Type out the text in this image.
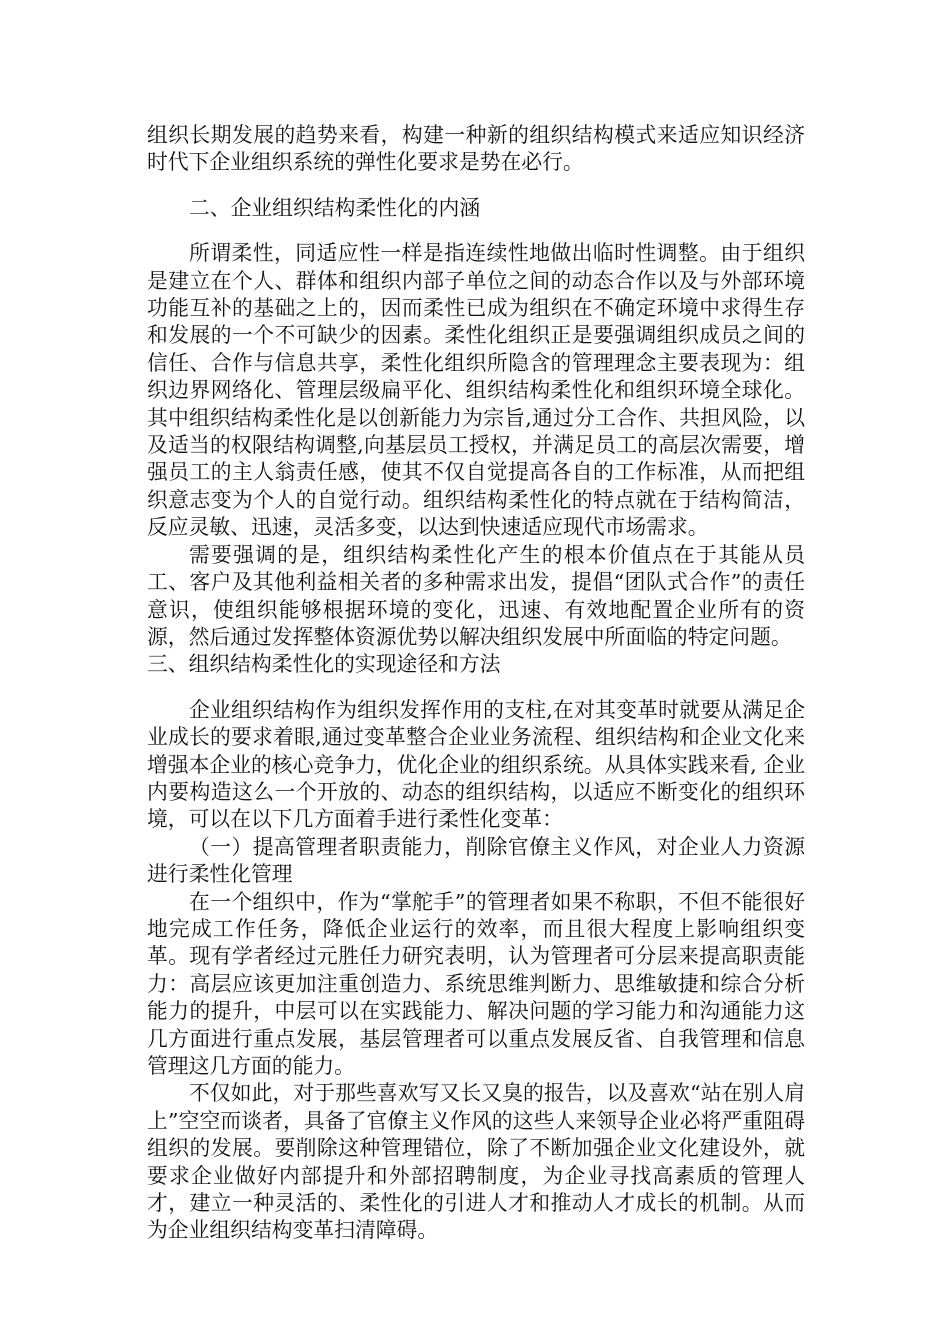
组织长期发展的趋势来看，构建一种新的组织结构模式来适应知识经济时代下企业组织系统的弹性化要求是势在必行。

二、企业组织结构柔性化的内涵

所谓柔性，同适应性一样是指连续性地做出临时性调整。由于组织是建立在个人、群体和组织内部子单位之间的动态合作以及与外部环境功能互补的基础之上的，因而柔性已成为组织在不确定环境中求得生存和发展的一个不可缺少的因素。柔性化组织正是要强调组织成员之间的信任、合作与信息共享，柔性化组织所隐含的管理理念主要表现为：组织边界网络化、管理层级扁平化、组织结构柔性化和组织环境全球化。其中组织结构柔性化是以创新能力为宗旨,通过分工合作、共担风险，以及适当的权限结构调整,向基层员工授权，并满足员工的高层次需要，增强员工的主人翁责任感，使其不仅自觉提高各自的工作标准，从而把组织意志变为个人的自觉行动。组织结构柔性化的特点就在于结构简洁，反应灵敏、迅速，灵活多变，以达到快速适应现代市场需求。

需要强调的是，组织结构柔性化产生的根本价值点在于其能从员工、客户及其他利益相关者的多种需求出发，提倡“团队式合作”的责任意识，使组织能够根据环境的变化，迅速、有效地配置企业所有的资源，然后通过发挥整体资源优势以解决组织发展中所面临的特定问题。

三、组织结构柔性化的实现途径和方法

企业组织结构作为组织发挥作用的支柱,在对其变革时就要从满足企业成长的要求着眼,通过变革整合企业业务流程、组织结构和企业文化来增强本企业的核心竞争力，优化企业的组织系统。从具体实践来看, 企业内要构造这么一个开放的、动态的组织结构，以适应不断变化的组织环境，可以在以下几方面着手进行柔性化变革：

（一）提高管理者职责能力，削除官僚主义作风，对企业人力资源进行柔性化管理

在一个组织中，作为“掌舵手”的管理者如果不称职，不但不能很好地完成工作任务，降低企业运行的效率，而且很大程度上影响组织变革。现有学者经过元胜任力研究表明，认为管理者可分层来提高职责能力：高层应该更加注重创造力、系统思维判断力、思维敏捷和综合分析能力的提升，中层可以在实践能力、解决问题的学习能力和沟通能力这几方面进行重点发展，基层管理者可以重点发展反省、自我管理和信息管理这几方面的能力。

不仅如此，对于那些喜欢写又长又臭的报告，以及喜欢“站在别人肩上”空空而谈者，具备了官僚主义作风的这些人来领导企业必将严重阻碍组织的发展。要削除这种管理错位，除了不断加强企业文化建设外，就要求企业做好内部提升和外部招聘制度，为企业寻找高素质的管理人才，建立一种灵活的、柔性化的引进人才和推动人才成长的机制。从而为企业组织结构变革扫清障碍。
